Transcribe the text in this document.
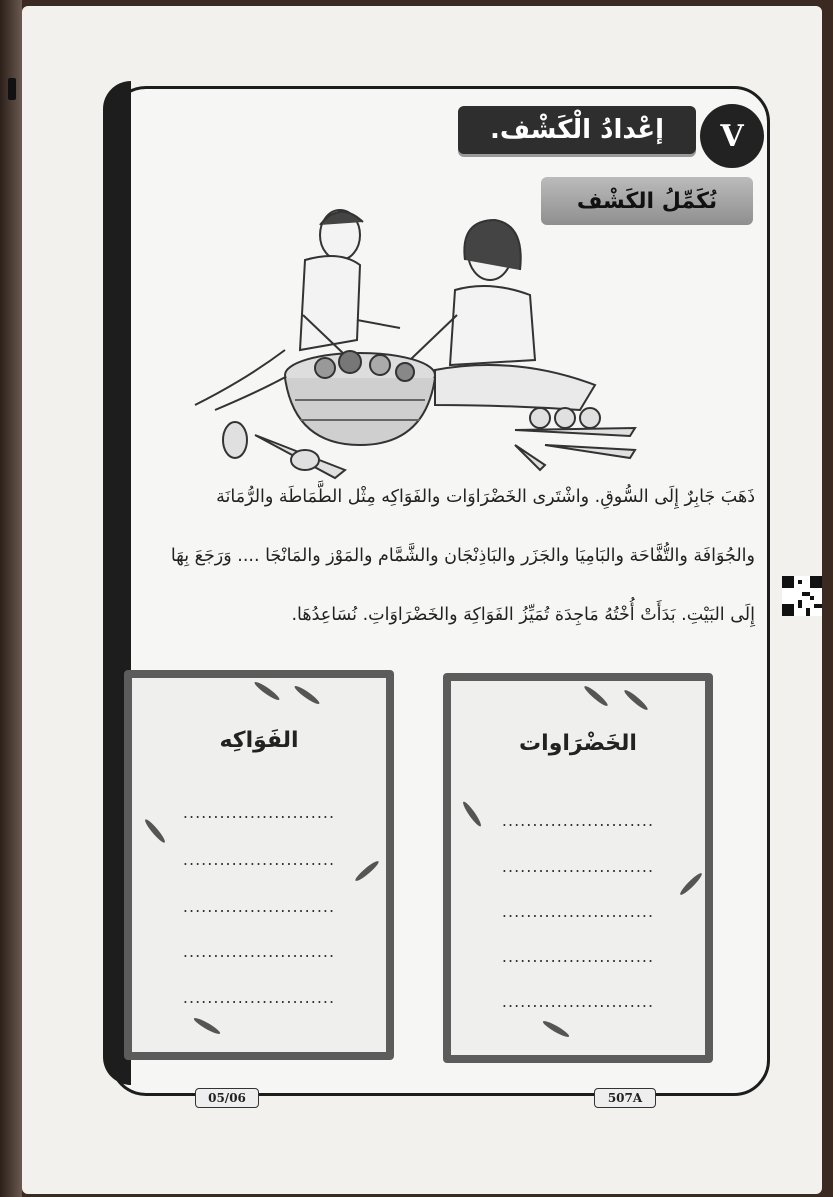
V
إعْدادُ الْكَشْف.
نُكَمِّلُ الكَشْف
ذَهَبَ جَابِرٌ إِلَى السُّوقِ. واشْتَرى الخَضْرَاوَات والفَوَاكِه مِثْل الطَّمَاطَة والرُّمَانَة
والجُوَافَة والتُّفَّاحَة والبَامِيَا والجَزَر والبَاذِنْجَان والشَّمَّام والمَوْز والمَانْجَا .... وَرَجَعَ بِهَا
إِلَى البَيْتِ. بَدَأَتْ أُخْتُهُ مَاجِدَة تُمَيِّزُ الفَوَاكِهَ والخَضْرَاوَاتِ. نُسَاعِدُهَا.
الفَوَاكِه
.........................
.........................
.........................
.........................
.........................
الخَضْرَاوات
.........................
.........................
.........................
.........................
.........................
05/06	507A
